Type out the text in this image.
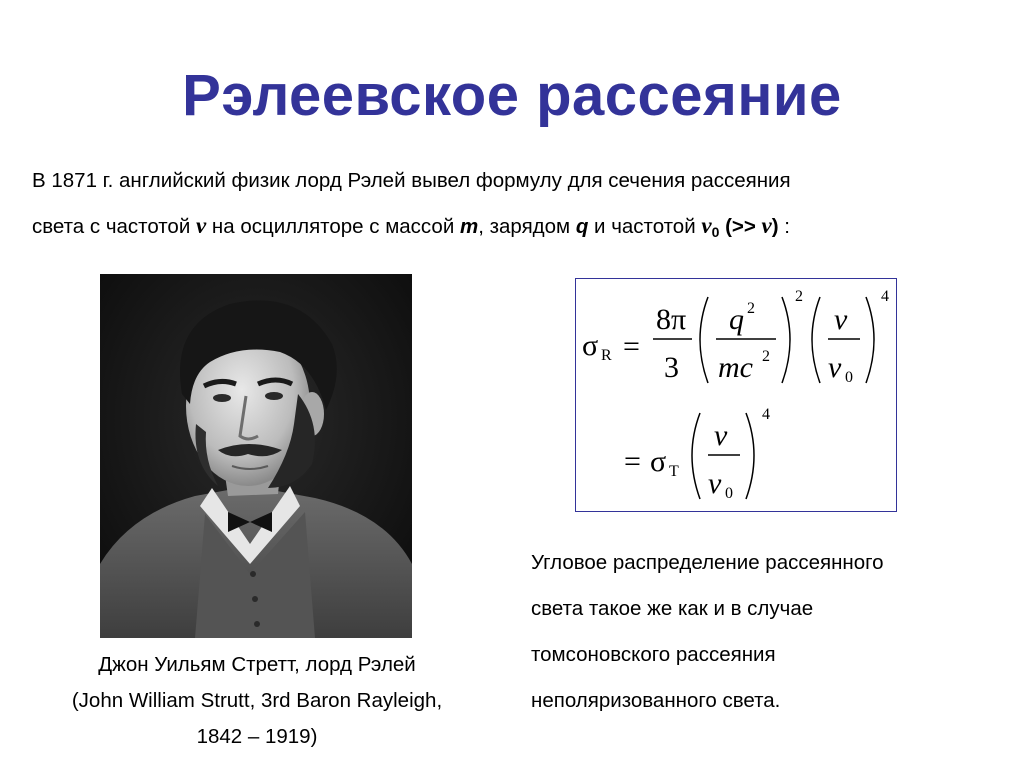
Рэлеевское рассеяние
В 1871 г. английский физик лорд Рэлей вывел формулу для сечения рассеяния
света с частотой ν на осцилляторе с массой m, зарядом q и частотой $\nu_0$ (>> ν) :
Джон Уильям Стретт, лорд Рэлей
(John William Strutt, 3rd Baron Rayleigh,
1842 – 1919)
σ R =
8π
3
q 2
mc 2
2
ν
ν 0
4
= σ T
ν
ν 0
4
Угловое распределение рассеянного
света такое же как и в случае
томсоновского рассеяния
неполяризованного света.
